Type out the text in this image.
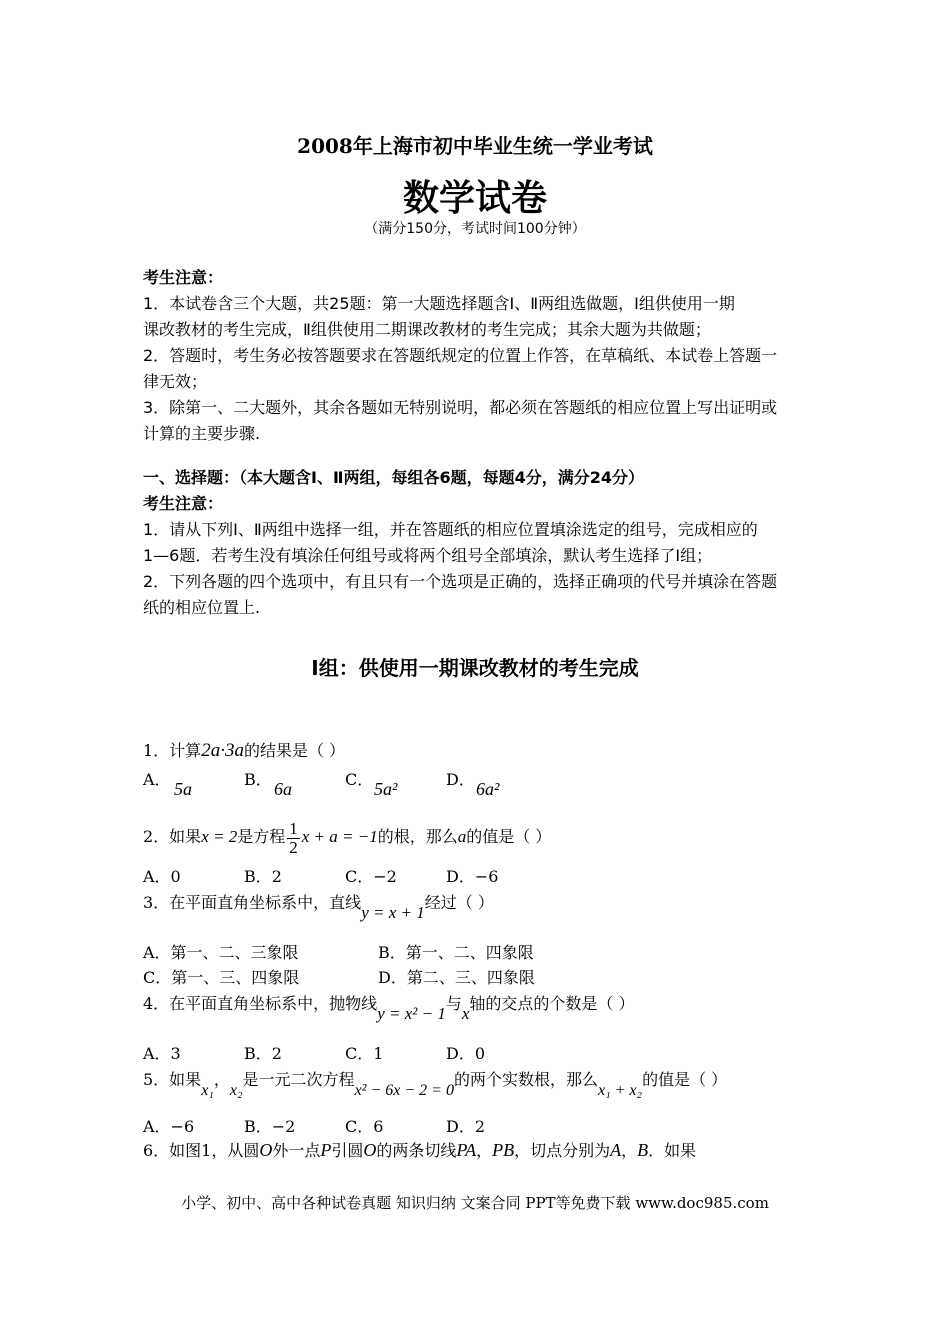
2008年上海市初中毕业生统一学业考试
数学试卷
（满分150分，考试时间100分钟）
考生注意：
1．本试卷含三个大题，共25题：第一大题选择题含Ⅰ、Ⅱ两组选做题，Ⅰ组供使用一期
课改教材的考生完成，Ⅱ组供使用二期课改教材的考生完成；其余大题为共做题；
2．答题时，考生务必按答题要求在答题纸规定的位置上作答，在草稿纸、本试卷上答题一
律无效；
3．除第一、二大题外，其余各题如无特别说明，都必须在答题纸的相应位置上写出证明或
计算的主要步骤.
一、选择题：（本大题含Ⅰ、Ⅱ两组，每组各6题，每题4分，满分24分）
考生注意：
1．请从下列Ⅰ、Ⅱ两组中选择一组，并在答题纸的相应位置填涂选定的组号，完成相应的
1—6题．若考生没有填涂任何组号或将两个组号全部填涂，默认考生选择了Ⅰ组；
2．下列各题的四个选项中，有且只有一个选项是正确的，选择正确项的代号并填涂在答题
纸的相应位置上.
Ⅰ组：供使用一期课改教材的考生完成
1．计算2a·3a的结果是（ ）
A． 5a	B． 6a	C． 5a²	D． 6a²
2．如果x = 2是方程 $\frac{1}{2}$ x + a = −1的根，那么a的值是（ ）
A．0	B．2	C．−2	D．−6
3．在平面直角坐标系中，直线y = x + 1经过（ ）
A．第一、二、三象限	B．第一、二、四象限
C．第一、三、四象限	D．第二、三、四象限
4．在平面直角坐标系中，抛物线y = x² − 1与x轴的交点的个数是（ ）
A．3	B．2	C．1	D．0
5．如果x₁，x₂是一元二次方程x² − 6x − 2 = 0的两个实数根，那么x₁ + x₂的值是（ ）
A．−6	B．−2	C．6	D．2
6．如图1，从圆O外一点P引圆O的两条切线PA，PB，切点分别为A，B．如果
小学、初中、高中各种试卷真题 知识归纳 文案合同 PPT等免费下载 www.doc985.com
